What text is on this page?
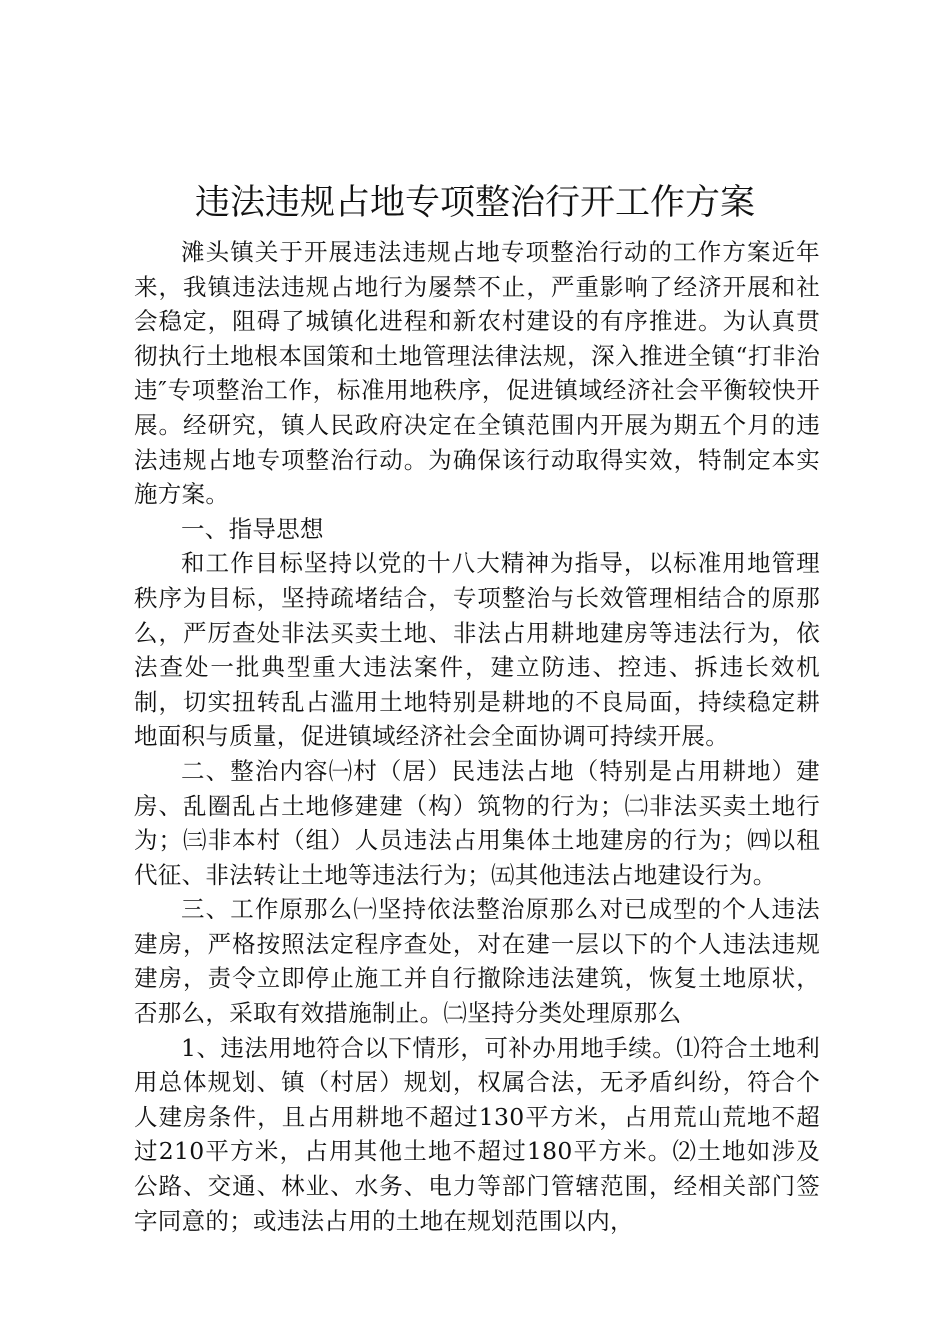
违法违规占地专项整治行开工作方案

滩头镇关于开展违法违规占地专项整治行动的工作方案近年来，我镇违法违规占地行为屡禁不止，严重影响了经济开展和社会稳定，阻碍了城镇化进程和新农村建设的有序推进。为认真贯彻执行土地根本国策和土地管理法律法规，深入推进全镇“打非治违″专项整治工作，标准用地秩序，促进镇域经济社会平衡较快开展。经研究，镇人民政府决定在全镇范围内开展为期五个月的违法违规占地专项整治行动。为确保该行动取得实效，特制定本实施方案。

一、指导思想

和工作目标坚持以党的十八大精神为指导，以标准用地管理秩序为目标，坚持疏堵结合，专项整治与长效管理相结合的原那么，严厉查处非法买卖土地、非法占用耕地建房等违法行为，依法查处一批典型重大违法案件，建立防违、控违、拆违长效机制，切实扭转乱占滥用土地特别是耕地的不良局面，持续稳定耕地面积与质量，促进镇域经济社会全面协调可持续开展。

二、整治内容㈠村（居）民违法占地（特别是占用耕地）建房、乱圈乱占土地修建建（构）筑物的行为；㈡非法买卖土地行为；㈢非本村（组）人员违法占用集体土地建房的行为；㈣以租代征、非法转让土地等违法行为；㈤其他违法占地建设行为。

三、工作原那么㈠坚持依法整治原那么对已成型的个人违法建房，严格按照法定程序查处，对在建一层以下的个人违法违规建房，责令立即停止施工并自行撤除违法建筑，恢复土地原状，否那么，采取有效措施制止。㈡坚持分类处理原那么

1、违法用地符合以下情形，可补办用地手续。⑴符合土地利用总体规划、镇（村居）规划，权属合法，无矛盾纠纷，符合个人建房条件，且占用耕地不超过130平方米，占用荒山荒地不超过210平方米，占用其他土地不超过180平方米。⑵土地如涉及公路、交通、林业、水务、电力等部门管辖范围，经相关部门签字同意的；或违法占用的土地在规划范围以内，
